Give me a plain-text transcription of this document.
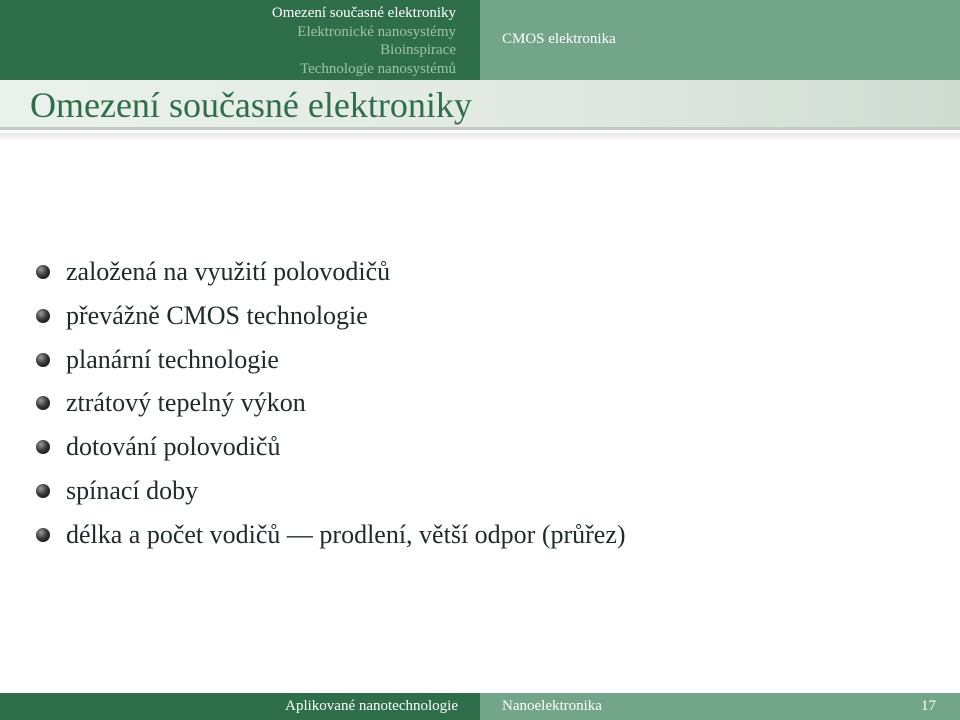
Omezení současné elektroniky
Elektronické nanosystémy
Bioinspirace
Technologie nanosystémů
CMOS elektronika
Omezení současné elektroniky
založená na využití polovodičů
převážně CMOS technologie
planární technologie
ztrátový tepelný výkon
dotování polovodičů
spínací doby
délka a počet vodičů — prodlení, větší odpor (průřez)
Aplikované nanotechnologie	Nanoelektronika	17
